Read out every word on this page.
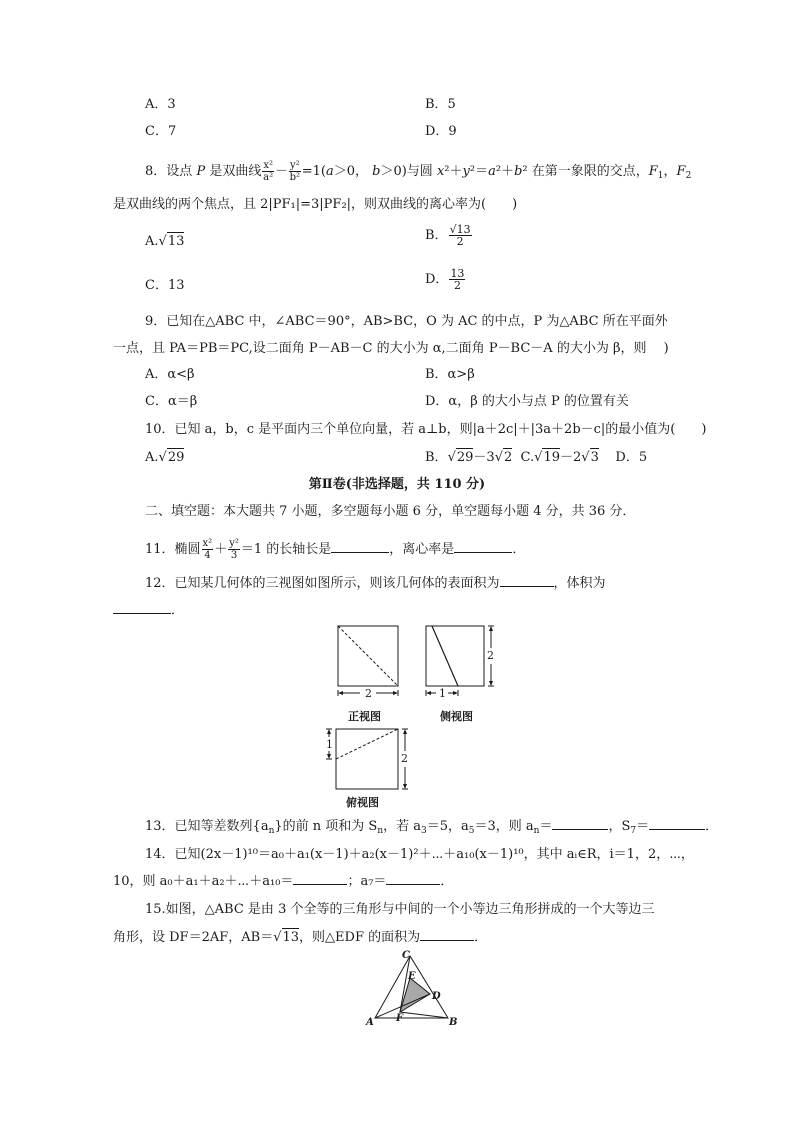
A．3	B．5
C．7	D．9
8．设点 P 是双曲线 $\frac{\text{x²}}{\text{a²}} - \frac{\text{y²}}{\text{b²}} =1(a>0$， b＞0)与圆 x²＋y²＝a²＋b² 在第一象限的交点，$F_1$，$F_2$
是双曲线的两个焦点，且 2|PF₁|=3|PF₂|，则双曲线的离心率为(　　)
A.√13	B． $\frac{√13}{2}$
C．13	D． $\frac{13}{2}$
9．已知在△ABC 中，∠ABC＝90°，AB>BC，O 为 AC 的中点，P 为△ABC 所在平面外
一点，且 PA＝PB＝PC,设二面角 P－AB－C 的大小为 α,二面角 P－BC－A 的大小为 β，则　 )
A．α<β	B．α>β
C．α＝β	D．α，β 的大小与点 P 的位置有关
10．已知 a，b，c 是平面内三个单位向量，若 a⊥b，则|a＋2c|＋|3a＋2b－c|的最小值为(　　)
A.√29	B．√29－3√2 C.√19－2√3 D．5
第Ⅱ卷(非选择题，共 110 分)
二、填空题：本大题共 7 小题，多空题每小题 6 分，单空题每小题 4 分，共 36 分．
11．椭圆 $\frac{\text{x²}}{4} + \frac{\text{y²}}{3} =1$ 的长轴长是	，离心率是	．
12．已知某几何体的三视图如图所示，则该几何体的表面积为	，体积为
．
2	1
2
正视图	侧视图
1
2
俯视图
13．已知等差数列$\{a_n\}$的前 n 项和为 $S_n$，若 $a_3=5$，$a_5=3$，则 $a_n=$	，$S_7=$	．
14．已知(2x－1)¹⁰＝a₀＋a₁(x－1)＋a₂(x－1)²＋⋯＋a₁₀(x－1)¹⁰，其中 aᵢ∈R，i＝1，2，⋯，
10，则 a₀＋a₁＋a₂＋⋯＋a₁₀＝	；a₇＝	．
15.如图，△ABC 是由 3 个全等的三角形与中间的一个小等边三角形拼成的一个大等边三
角形，设 DF＝2AF，AB＝√13，则△EDF 的面积为	．
A	B
C
D
E
F
